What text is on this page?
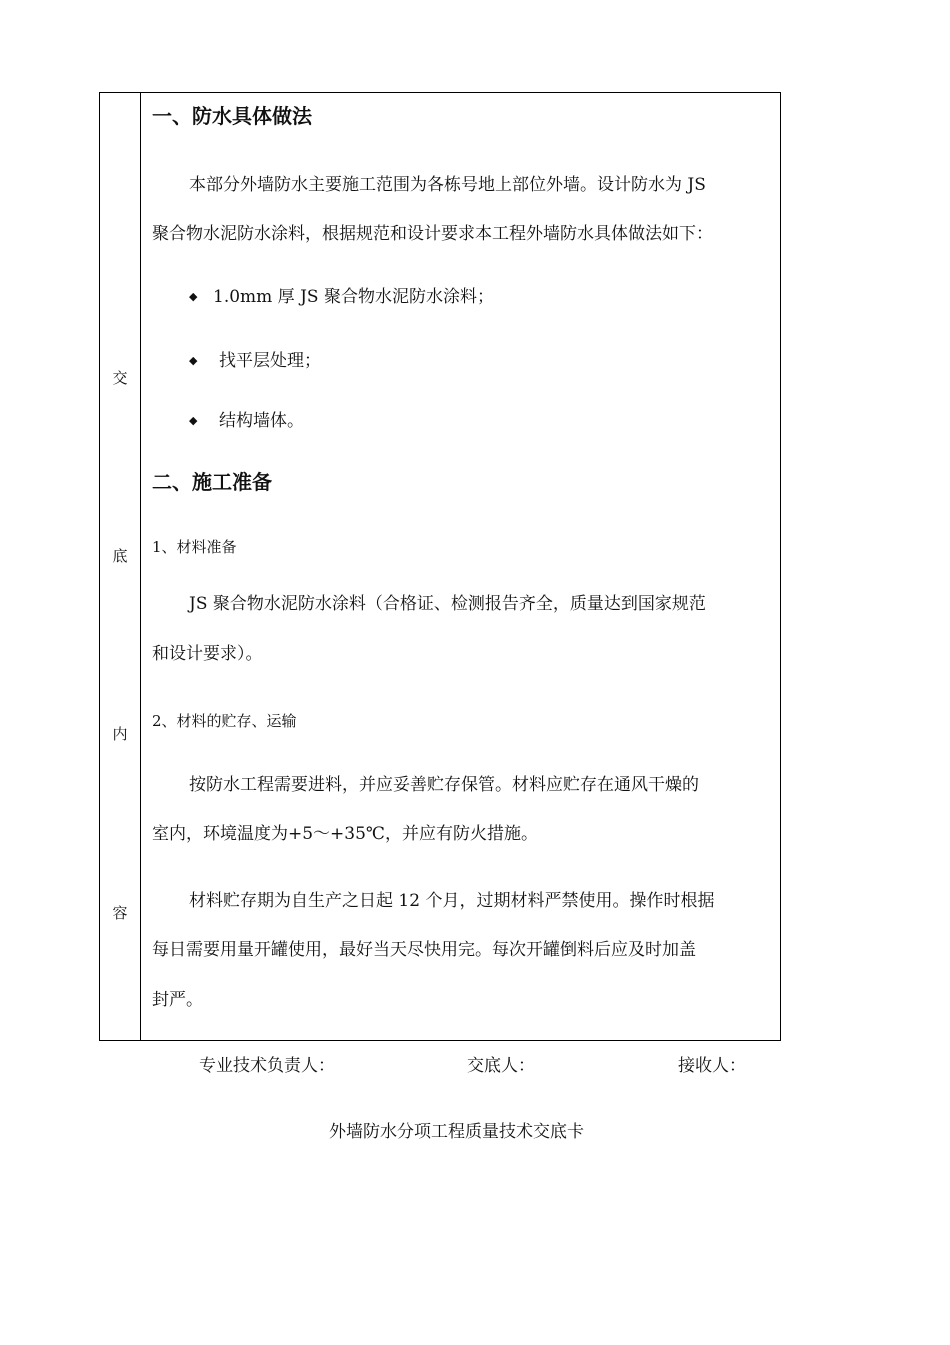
交
底
内
容
一、防水具体做法
本部分外墙防水主要施工范围为各栋号地上部位外墙。设计防水为 JS
聚合物水泥防水涂料，根据规范和设计要求本工程外墙防水具体做法如下：
◆ 1.0mm 厚 JS 聚合物水泥防水涂料；
◆ 找平层处理；
◆ 结构墙体。
二、施工准备
1、材料准备
JS 聚合物水泥防水涂料（合格证、检测报告齐全，质量达到国家规范
和设计要求）。
2、材料的贮存、运输
按防水工程需要进料，并应妥善贮存保管。材料应贮存在通风干燥的
室内，环境温度为+5～+35℃，并应有防火措施。
材料贮存期为自生产之日起 12 个月，过期材料严禁使用。操作时根据
每日需要用量开罐使用，最好当天尽快用完。每次开罐倒料后应及时加盖
封严。
专业技术负责人：	交底人：	接收人：
外墙防水分项工程质量技术交底卡
